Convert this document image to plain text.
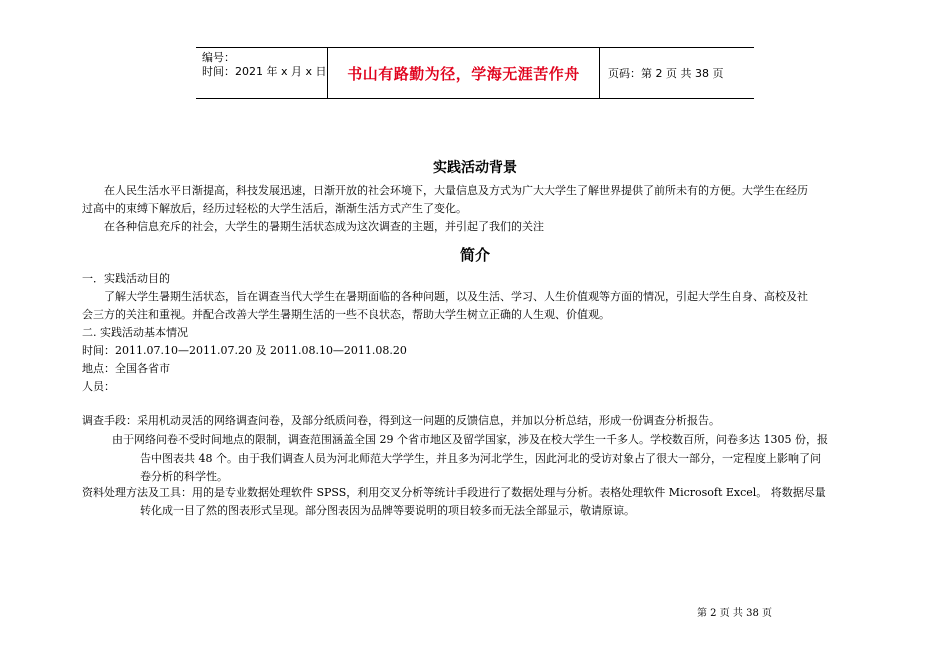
编号：
时间：2021 年 x 月 x 日 书山有路勤为径，学海无涯苦作舟	页码：第 2 页 共 38 页
实践活动背景
在人民生活水平日渐提高，科技发展迅速，日渐开放的社会环境下，大量信息及方式为广大大学生了解世界提供了前所未有的方便。大学生在经历
过高中的束缚下解放后，经历过轻松的大学生活后，渐渐生活方式产生了变化。
在各种信息充斥的社会，大学生的暑期生活状态成为这次调查的主题，并引起了我们的关注
简介
一．实践活动目的
了解大学生暑期生活状态，旨在调查当代大学生在暑期面临的各种问题，以及生活、学习、人生价值观等方面的情况，引起大学生自身、高校及社
会三方的关注和重视。并配合改善大学生暑期生活的一些不良状态，帮助大学生树立正确的人生观、价值观。
二. 实践活动基本情况
时间：2011.07.10—2011.07.20 及 2011.08.10—2011.08.20
地点：全国各省市
人员：
调查手段：采用机动灵活的网络调查问卷，及部分纸质问卷，得到这一问题的反馈信息，并加以分析总结，形成一份调查分析报告。
由于网络问卷不受时间地点的限制，调查范围涵盖全国 29 个省市地区及留学国家，涉及在校大学生一千多人。学校数百所，问卷多达 1305 份，报
告中图表共 48 个。由于我们调查人员为河北师范大学学生，并且多为河北学生，因此河北的受访对象占了很大一部分，一定程度上影响了问
卷分析的科学性。
资料处理方法及工具：用的是专业数据处理软件 SPSS，利用交叉分析等统计手段进行了数据处理与分析。表格处理软件 Microsoft Excel。 将数据尽量
转化成一目了然的图表形式呈现。部分图表因为品牌等要说明的项目较多而无法全部显示，敬请原谅。
第 2 页 共 38 页
